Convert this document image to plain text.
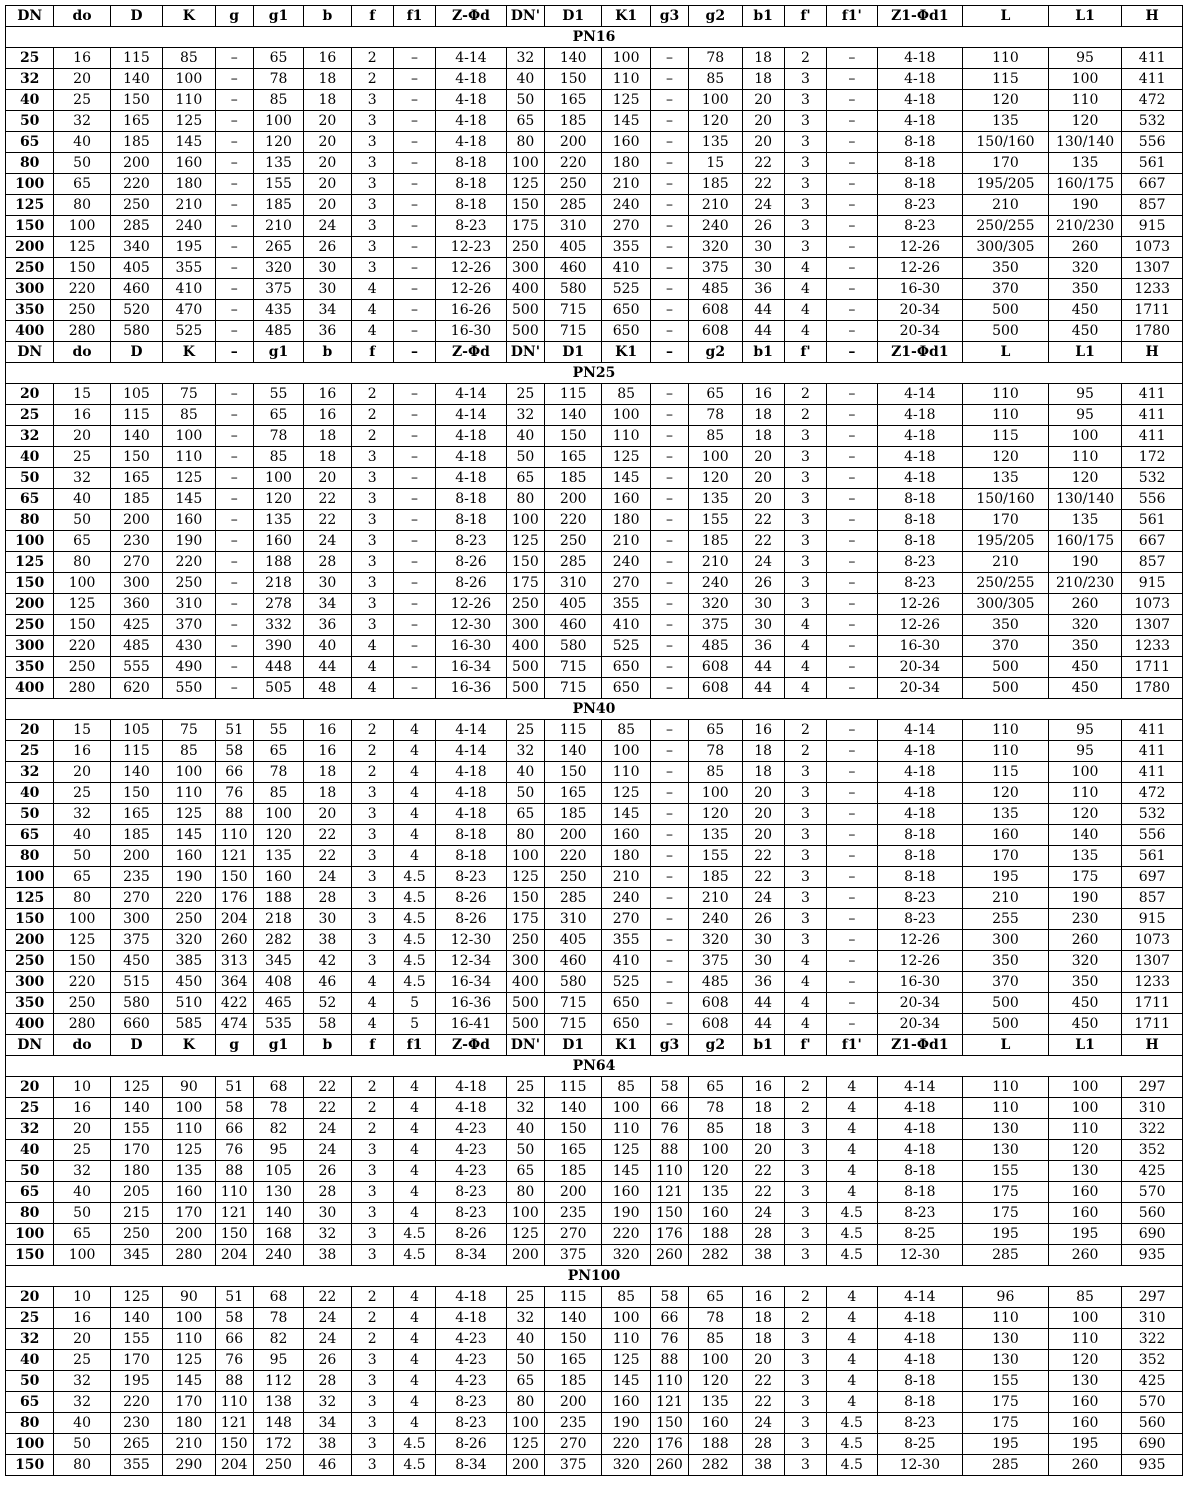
DN	do	D	K	g	g1	b	f	f1	Z-Φd	DN'	D1	K1	g3	g2	b1	f'	f1'	Z1-Φd1	L	L1	H
PN16																					
25	16	115	85	–	65	16	2	–	4-14	32	140	100	–	78	18	2	–	4-18	110	95	411
32	20	140	100	–	78	18	2	–	4-18	40	150	110	–	85	18	3	–	4-18	115	100	411
40	25	150	110	–	85	18	3	–	4-18	50	165	125	–	100	20	3	–	4-18	120	110	472
50	32	165	125	–	100	20	3	–	4-18	65	185	145	–	120	20	3	–	4-18	135	120	532
65	40	185	145	–	120	20	3	–	4-18	80	200	160	–	135	20	3	–	8-18	150/160	130/140	556
80	50	200	160	–	135	20	3	–	8-18	100	220	180	–	15	22	3	–	8-18	170	135	561
100	65	220	180	–	155	20	3	–	8-18	125	250	210	–	185	22	3	–	8-18	195/205	160/175	667
125	80	250	210	–	185	20	3	–	8-18	150	285	240	–	210	24	3	–	8-23	210	190	857
150	100	285	240	–	210	24	3	–	8-23	175	310	270	–	240	26	3	–	8-23	250/255	210/230	915
200	125	340	195	–	265	26	3	–	12-23	250	405	355	–	320	30	3	–	12-26	300/305	260	1073
250	150	405	355	–	320	30	3	–	12-26	300	460	410	–	375	30	4	–	12-26	350	320	1307
300	220	460	410	–	375	30	4	–	12-26	400	580	525	–	485	36	4	–	16-30	370	350	1233
350	250	520	470	–	435	34	4	–	16-26	500	715	650	–	608	44	4	–	20-34	500	450	1711
400	280	580	525	–	485	36	4	–	16-30	500	715	650	–	608	44	4	–	20-34	500	450	1780
DN	do	D	K	–	g1	b	f	–	Z-Φd	DN'	D1	K1	–	g2	b1	f'	–	Z1-Φd1	L	L1	H
PN25																					
20	15	105	75	–	55	16	2	–	4-14	25	115	85	–	65	16	2	–	4-14	110	95	411
25	16	115	85	–	65	16	2	–	4-14	32	140	100	–	78	18	2	–	4-18	110	95	411
32	20	140	100	–	78	18	2	–	4-18	40	150	110	–	85	18	3	–	4-18	115	100	411
40	25	150	110	–	85	18	3	–	4-18	50	165	125	–	100	20	3	–	4-18	120	110	172
50	32	165	125	–	100	20	3	–	4-18	65	185	145	–	120	20	3	–	4-18	135	120	532
65	40	185	145	–	120	22	3	–	8-18	80	200	160	–	135	20	3	–	8-18	150/160	130/140	556
80	50	200	160	–	135	22	3	–	8-18	100	220	180	–	155	22	3	–	8-18	170	135	561
100	65	230	190	–	160	24	3	–	8-23	125	250	210	–	185	22	3	–	8-18	195/205	160/175	667
125	80	270	220	–	188	28	3	–	8-26	150	285	240	–	210	24	3	–	8-23	210	190	857
150	100	300	250	–	218	30	3	–	8-26	175	310	270	–	240	26	3	–	8-23	250/255	210/230	915
200	125	360	310	–	278	34	3	–	12-26	250	405	355	–	320	30	3	–	12-26	300/305	260	1073
250	150	425	370	–	332	36	3	–	12-30	300	460	410	–	375	30	4	–	12-26	350	320	1307
300	220	485	430	–	390	40	4	–	16-30	400	580	525	–	485	36	4	–	16-30	370	350	1233
350	250	555	490	–	448	44	4	–	16-34	500	715	650	–	608	44	4	–	20-34	500	450	1711
400	280	620	550	–	505	48	4	–	16-36	500	715	650	–	608	44	4	–	20-34	500	450	1780
PN40																					
20	15	105	75	51	55	16	2	4	4-14	25	115	85	–	65	16	2	–	4-14	110	95	411
25	16	115	85	58	65	16	2	4	4-14	32	140	100	–	78	18	2	–	4-18	110	95	411
32	20	140	100	66	78	18	2	4	4-18	40	150	110	–	85	18	3	–	4-18	115	100	411
40	25	150	110	76	85	18	3	4	4-18	50	165	125	–	100	20	3	–	4-18	120	110	472
50	32	165	125	88	100	20	3	4	4-18	65	185	145	–	120	20	3	–	4-18	135	120	532
65	40	185	145	110	120	22	3	4	8-18	80	200	160	–	135	20	3	–	8-18	160	140	556
80	50	200	160	121	135	22	3	4	8-18	100	220	180	–	155	22	3	–	8-18	170	135	561
100	65	235	190	150	160	24	3	4.5	8-23	125	250	210	–	185	22	3	–	8-18	195	175	697
125	80	270	220	176	188	28	3	4.5	8-26	150	285	240	–	210	24	3	–	8-23	210	190	857
150	100	300	250	204	218	30	3	4.5	8-26	175	310	270	–	240	26	3	–	8-23	255	230	915
200	125	375	320	260	282	38	3	4.5	12-30	250	405	355	–	320	30	3	–	12-26	300	260	1073
250	150	450	385	313	345	42	3	4.5	12-34	300	460	410	–	375	30	4	–	12-26	350	320	1307
300	220	515	450	364	408	46	4	4.5	16-34	400	580	525	–	485	36	4	–	16-30	370	350	1233
350	250	580	510	422	465	52	4	5	16-36	500	715	650	–	608	44	4	–	20-34	500	450	1711
400	280	660	585	474	535	58	4	5	16-41	500	715	650	–	608	44	4	–	20-34	500	450	1711
DN	do	D	K	g	g1	b	f	f1	Z-Φd	DN'	D1	K1	g3	g2	b1	f'	f1'	Z1-Φd1	L	L1	H
PN64																					
20	10	125	90	51	68	22	2	4	4-18	25	115	85	58	65	16	2	4	4-14	110	100	297
25	16	140	100	58	78	22	2	4	4-18	32	140	100	66	78	18	2	4	4-18	110	100	310
32	20	155	110	66	82	24	2	4	4-23	40	150	110	76	85	18	3	4	4-18	130	110	322
40	25	170	125	76	95	24	3	4	4-23	50	165	125	88	100	20	3	4	4-18	130	120	352
50	32	180	135	88	105	26	3	4	4-23	65	185	145	110	120	22	3	4	8-18	155	130	425
65	40	205	160	110	130	28	3	4	8-23	80	200	160	121	135	22	3	4	8-18	175	160	570
80	50	215	170	121	140	30	3	4	8-23	100	235	190	150	160	24	3	4.5	8-23	175	160	560
100	65	250	200	150	168	32	3	4.5	8-26	125	270	220	176	188	28	3	4.5	8-25	195	195	690
150	100	345	280	204	240	38	3	4.5	8-34	200	375	320	260	282	38	3	4.5	12-30	285	260	935
PN100																					
20	10	125	90	51	68	22	2	4	4-18	25	115	85	58	65	16	2	4	4-14	96	85	297
25	16	140	100	58	78	24	2	4	4-18	32	140	100	66	78	18	2	4	4-18	110	100	310
32	20	155	110	66	82	24	2	4	4-23	40	150	110	76	85	18	3	4	4-18	130	110	322
40	25	170	125	76	95	26	3	4	4-23	50	165	125	88	100	20	3	4	4-18	130	120	352
50	32	195	145	88	112	28	3	4	4-23	65	185	145	110	120	22	3	4	8-18	155	130	425
65	32	220	170	110	138	32	3	4	8-23	80	200	160	121	135	22	3	4	8-18	175	160	570
80	40	230	180	121	148	34	3	4	8-23	100	235	190	150	160	24	3	4.5	8-23	175	160	560
100	50	265	210	150	172	38	3	4.5	8-26	125	270	220	176	188	28	3	4.5	8-25	195	195	690
150	80	355	290	204	250	46	3	4.5	8-34	200	375	320	260	282	38	3	4.5	12-30	285	260	935
